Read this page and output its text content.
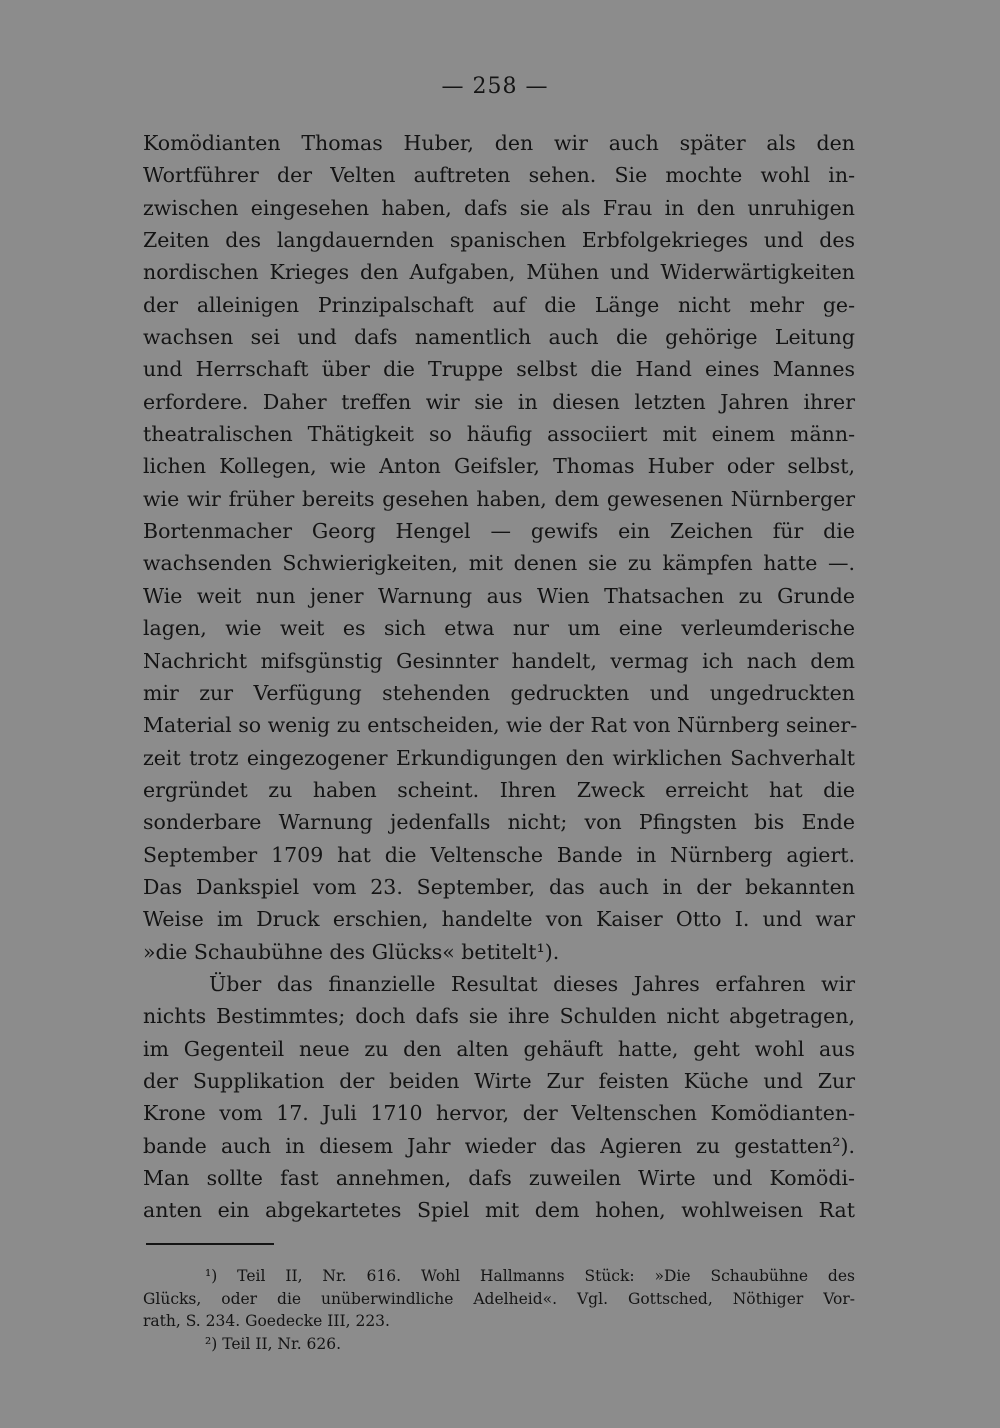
— 258 —
Komödianten Thomas Huber, den wir auch später als den
Wortführer der Velten auftreten sehen. Sie mochte wohl in-
zwischen eingesehen haben, dafs sie als Frau in den unruhigen
Zeiten des langdauernden spanischen Erbfolgekrieges und des
nordischen Krieges den Aufgaben, Mühen und Widerwärtigkeiten
der alleinigen Prinzipalschaft auf die Länge nicht mehr ge-
wachsen sei und dafs namentlich auch die gehörige Leitung
und Herrschaft über die Truppe selbst die Hand eines Mannes
erfordere. Daher treffen wir sie in diesen letzten Jahren ihrer
theatralischen Thätigkeit so häufig associiert mit einem männ-
lichen Kollegen, wie Anton Geifsler, Thomas Huber oder selbst,
wie wir früher bereits gesehen haben, dem gewesenen Nürnberger
Bortenmacher Georg Hengel — gewifs ein Zeichen für die
wachsenden Schwierigkeiten, mit denen sie zu kämpfen hatte —.
Wie weit nun jener Warnung aus Wien Thatsachen zu Grunde
lagen, wie weit es sich etwa nur um eine verleumderische
Nachricht mifsgünstig Gesinnter handelt, vermag ich nach dem
mir zur Verfügung stehenden gedruckten und ungedruckten
Material so wenig zu entscheiden, wie der Rat von Nürnberg seiner-
zeit trotz eingezogener Erkundigungen den wirklichen Sachverhalt
ergründet zu haben scheint. Ihren Zweck erreicht hat die
sonderbare Warnung jedenfalls nicht; von Pfingsten bis Ende
September 1709 hat die Veltensche Bande in Nürnberg agiert.
Das Dankspiel vom 23. September, das auch in der bekannten
Weise im Druck erschien, handelte von Kaiser Otto I. und war
»die Schaubühne des Glücks« betitelt¹).
Über das finanzielle Resultat dieses Jahres erfahren wir
nichts Bestimmtes; doch dafs sie ihre Schulden nicht abgetragen,
im Gegenteil neue zu den alten gehäuft hatte, geht wohl aus
der Supplikation der beiden Wirte Zur feisten Küche und Zur
Krone vom 17. Juli 1710 hervor, der Veltenschen Komödianten-
bande auch in diesem Jahr wieder das Agieren zu gestatten²).
Man sollte fast annehmen, dafs zuweilen Wirte und Komödi-
anten ein abgekartetes Spiel mit dem hohen, wohlweisen Rat
¹) Teil II, Nr. 616. Wohl Hallmanns Stück: »Die Schaubühne des
Glücks, oder die unüberwindliche Adelheid«. Vgl. Gottsched, Nöthiger Vor-
rath, S. 234. Goedecke III, 223.
²) Teil II, Nr. 626.
